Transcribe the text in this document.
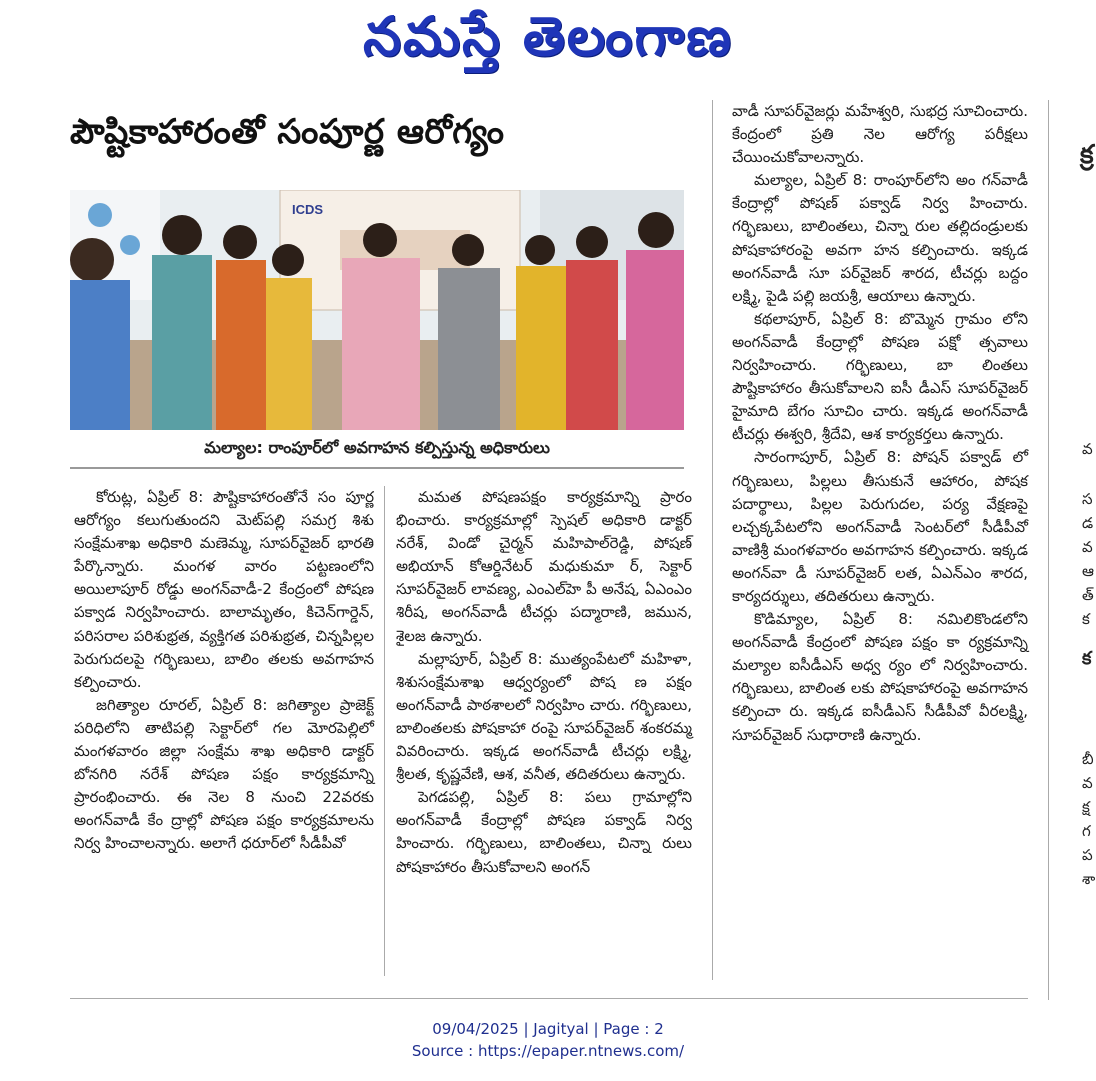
నమస్తే తెలంగాణ
పౌష్టికాహారంతో సంపూర్ణ ఆరోగ్యం
ICDS
మల్యాల: రాంపూర్‌లో అవగాహన కల్పిస్తున్న అధికారులు

కోరుట్ల, ఏప్రిల్ 8: పౌష్టికాహారంతోనే సం పూర్ణ ఆరోగ్యం కలుగుతుందని మెట్‌పల్లి సమగ్ర శిశు సంక్షేమశాఖ అధికారి మణెమ్మ, సూపర్‌వైజర్ భారతి పేర్కొన్నారు. మంగళ వారం పట్టణంలోని అయిలాపూర్ రోడ్డు అంగన్‌వాడీ-2 కేంద్రంలో పోషణ పక్వాడ నిర్వహించారు. బాలామృతం, కిచెన్‌గార్డెన్, పరిసరాల పరిశుభ్రత, వ్యక్తిగత పరిశుభ్రత, చిన్నపిల్లల పెరుగుదలపై గర్భిణులు, బాలిం తలకు అవగాహన కల్పించారు.

జగిత్యాల రూరల్, ఏప్రిల్ 8: జగిత్యాల ప్రాజెక్ట్ పరిధిలోని తాటిపల్లి సెక్టార్‌లో గల మోరపెల్లిలో మంగళవారం జిల్లా సంక్షేమ శాఖ అధికారి డాక్టర్ బోనగిరి నరేశ్ పోషణ పక్షం కార్యక్రమాన్ని ప్రారంభించారు. ఈ నెల 8 నుంచి 22వరకు అంగన్‌వాడీ కేం ద్రాల్లో పోషణ పక్షం కార్యక్రమాలను నిర్వ హించాలన్నారు. అలాగే ధరూర్‌లో సీడీపీవో

మమత పోషణపక్షం కార్యక్రమాన్ని ప్రారం భించారు. కార్యక్రమాల్లో స్పెషల్ అధికారి డాక్టర్ నరేశ్, విండో చైర్మన్ మహిపాల్‌రెడ్డి, పోషణ్ అభియాన్ కోఆర్డినేటర్ మధుకుమా ర్, సెక్టార్ సూపర్‌వైజర్ లావణ్య, ఎంఎల్‌హె పీ అనేష, ఏఎంఎం శిరీష, అంగన్‌వాడీ టీచర్లు పద్మారాణి, జమున, శైలజ ఉన్నారు.

మల్లాపూర్, ఏప్రిల్ 8: ముత్యంపేటలో మహిళా, శిశుసంక్షేమశాఖ ఆధ్వర్యంలో పోష ణ పక్షం అంగన్‌వాడీ పాఠశాలలో నిర్వహిం చారు. గర్భిణులు, బాలింతలకు పోషకాహా రంపై సూపర్‌వైజర్ శంకరమ్మ వివరించారు. ఇక్కడ అంగన్‌వాడీ టీచర్లు లక్ష్మి, శ్రీలత, కృష్ణవేణి, ఆశ, వనీత, తదితరులు ఉన్నారు.

పెగడపల్లి, ఏప్రిల్ 8: పలు గ్రామాల్లోని అంగన్‌వాడీ కేంద్రాల్లో పోషణ పక్వాడ్ నిర్వ హించారు. గర్భిణులు, బాలింతలు, చిన్నా రులు పోషకాహారం తీసుకోవాలని అంగన్

వాడీ సూపర్‌వైజర్లు మహేశ్వరి, సుభద్ర సూచించారు. కేంద్రంలో ప్రతి నెల ఆరోగ్య పరీక్షలు చేయించుకోవాలన్నారు.

మల్యాల, ఏప్రిల్ 8: రాంపూర్‌లోని అం గన్‌వాడీ కేంద్రాల్లో పోషణ్ పక్వాడ్ నిర్వ హించారు. గర్భిణులు, బాలింతలు, చిన్నా రుల తల్లిదండ్రులకు పోషకాహారంపై అవగా హన కల్పించారు. ఇక్కడ అంగన్‌వాడీ సూ పర్‌వైజర్ శారద, టీచర్లు బద్దం లక్ష్మి, పైడి పల్లి జయశ్రీ, ఆయాలు ఉన్నారు.

కథలాపూర్, ఏప్రిల్ 8: బొమ్మెన గ్రామం లోని అంగన్‌వాడీ కేంద్రాల్లో పోషణ పక్షో త్సవాలు నిర్వహించారు. గర్భిణులు, బా లింతలు పౌష్టికాహారం తీసుకోవాలని ఐసీ డీఎస్ సూపర్‌వైజర్ హైమాది బేగం సూచిం చారు. ఇక్కడ అంగన్‌వాడీ టీచర్లు ఈశ్వరి, శ్రీదేవి, ఆశ కార్యకర్తలు ఉన్నారు.

సారంగాపూర్, ఏప్రిల్ 8: పోషన్ పక్వాడ్ లో గర్భిణులు, పిల్లలు తీసుకునే ఆహారం, పోషక పదార్థాలు, పిల్లల పెరుగుదల, పర్య వేక్షణపై లచ్చక్కపేటలోని అంగన్‌వాడీ సెంటర్‌లో సీడీపీవో వాణిశ్రీ మంగళవారం అవగాహన కల్పించారు. ఇక్కడ అంగన్‌వా డీ సూపర్‌వైజర్ లత, ఏఎన్‌ఎం శారద, కార్యదర్శులు, తదితరులు ఉన్నారు.

కొడిమ్యాల, ఏప్రిల్ 8: నమిలికొండలోని అంగన్‌వాడీ కేంద్రంలో పోషణ పక్షం కా ర్యక్రమాన్ని మల్యాల ఐసీడీఎస్ అధ్వ ర్యం లో నిర్వహించారు. గర్భిణులు, బాలింత లకు పోషకాహారంపై అవగాహన కల్పించా రు. ఇక్కడ ఐసీడీఎస్ సీడీపీవో వీరలక్ష్మి, సూపర్‌వైజర్ సుధారాణి ఉన్నారు.

క్ర
వ
స
డ
వ
ఆ
త్
క
క
బీ
వ
క్ష
గ
ప
శా
09/04/2025 | Jagityal | Page : 2
Source : https://epaper.ntnews.com/
